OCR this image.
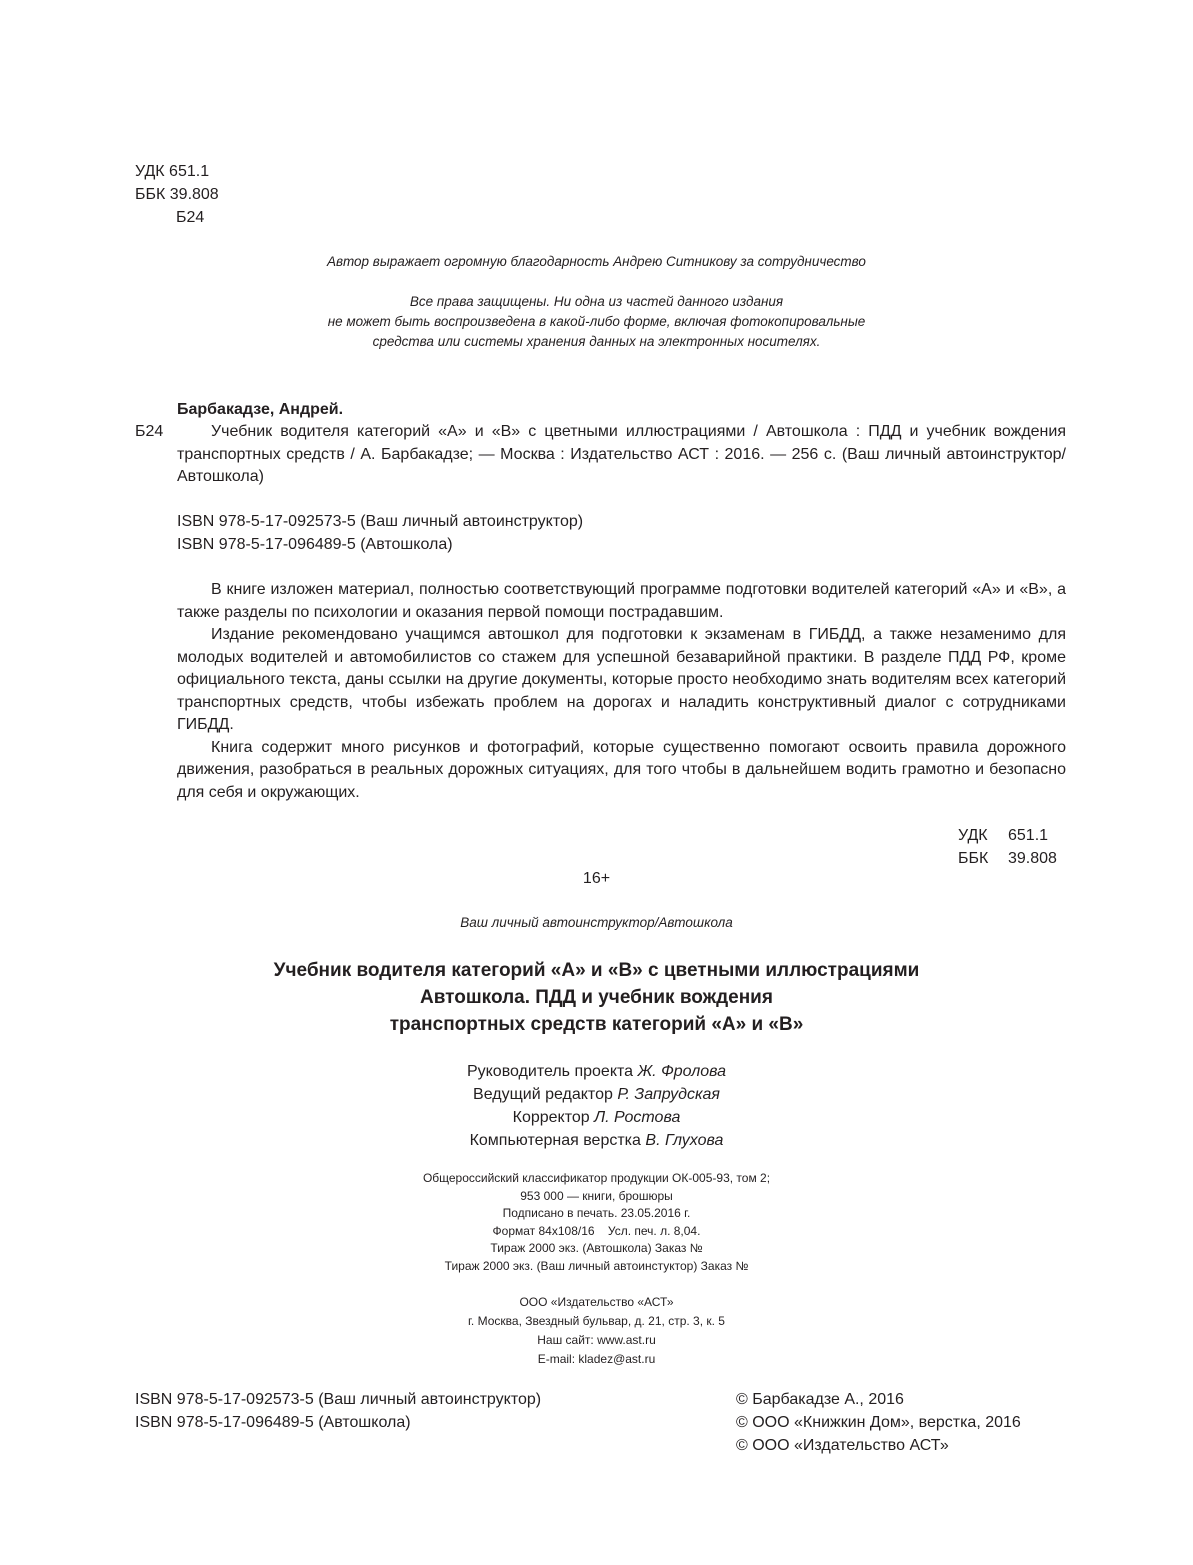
УДК 651.1
ББК 39.808
Б24
Автор выражает огромную благодарность Андрею Ситникову за сотрудничество
Все права защищены. Ни одна из частей данного издания
не может быть воспроизведена в какой-либо форме, включая фотокопировальные
средства или системы хранения данных на электронных носителях.
Барбакадзе, Андрей.
Б24	Учебник водителя категорий «А» и «В» с цветными иллюстрациями / Автошкола : ПДД и учебник вождения транспортных средств / А. Барбакадзе; — Москва : Издательство АСТ : 2016. — 256 с. (Ваш личный автоинструктор/Автошкола)
ISBN 978-5-17-092573-5 (Ваш личный автоинструктор)
ISBN 978-5-17-096489-5 (Автошкола)

В книге изложен материал, полностью соответствующий программе подготовки водителей категорий «А» и «В», а также разделы по психологии и оказания первой помощи пострадавшим.

Издание рекомендовано учащимся автошкол для подготовки к экзаменам в ГИБДД, а также незаменимо для молодых водителей и автомобилистов со стажем для успешной безаварийной практики. В разделе ПДД РФ, кроме официального текста, даны ссылки на другие документы, которые просто необходимо знать водителям всех категорий транспортных средств, чтобы избежать проблем на дорогах и наладить конструктивный диалог с сотрудниками ГИБДД.

Книга содержит много рисунков и фотографий, которые существенно помогают освоить правила дорожного движения, разобраться в реальных дорожных ситуациях, для того чтобы в дальнейшем водить грамотно и безопасно для себя и окружающих.

УДК 651.1
ББК 39.808
16+
Ваш личный автоинструктор/Автошкола
Учебник водителя категорий «А» и «В» с цветными иллюстрациями
Автошкола. ПДД и учебник вождения
транспортных средств категорий «А» и «В»
Руководитель проекта Ж. Фролова
Ведущий редактор Р. Запрудская
Корректор Л. Ростова
Компьютерная верстка В. Глухова
Общероссийский классификатор продукции ОК-005-93, том 2;
953 000 — книги, брошюры
Подписано в печать. 23.05.2016 г.
Формат 84x108/16    Усл. печ. л. 8,04.
Тираж 2000 экз. (Автошкола) Заказ №
Тираж 2000 экз. (Ваш личный автоинстуктор) Заказ №
ООО «Издательство «АСТ»
г. Москва, Звездный бульвар, д. 21, стр. 3, к. 5
Наш сайт: www.ast.ru
E-mail: kladez@ast.ru
ISBN 978-5-17-092573-5 (Ваш личный автоинструктор)
ISBN 978-5-17-096489-5 (Автошкола)
© Барбакадзе А., 2016
© ООО «Книжкин Дом», верстка, 2016
© ООО «Издательство АСТ»
